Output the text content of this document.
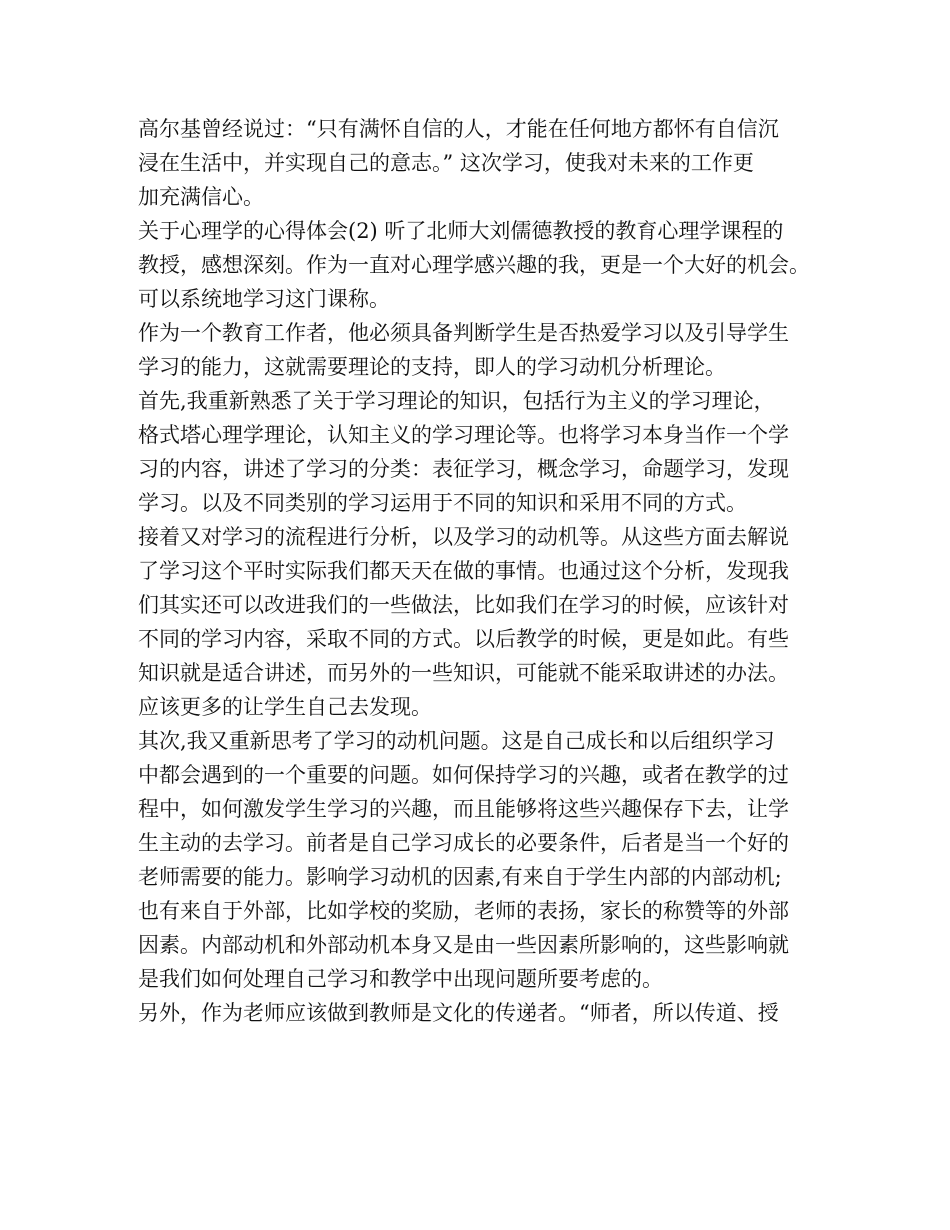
高尔基曾经说过：“只有满怀自信的人，才能在任何地方都怀有自信沉
浸在生活中，并实现自己的意志。” 这次学习，使我对未来的工作更
加充满信心。
关于心理学的心得体会(2) 听了北师大刘儒德教授的教育心理学课程的
教授，感想深刻。作为一直对心理学感兴趣的我，更是一个大好的机会。
可以系统地学习这门课称。
作为一个教育工作者，他必须具备判断学生是否热爱学习以及引导学生
学习的能力，这就需要理论的支持，即人的学习动机分析理论。
首先,我重新熟悉了关于学习理论的知识，包括行为主义的学习理论，
格式塔心理学理论，认知主义的学习理论等。也将学习本身当作一个学
习的内容，讲述了学习的分类：表征学习，概念学习，命题学习，发现
学习。以及不同类别的学习运用于不同的知识和采用不同的方式。
接着又对学习的流程进行分析，以及学习的动机等。从这些方面去解说
了学习这个平时实际我们都天天在做的事情。也通过这个分析，发现我
们其实还可以改进我们的一些做法，比如我们在学习的时候，应该针对
不同的学习内容，采取不同的方式。以后教学的时候，更是如此。有些
知识就是适合讲述，而另外的一些知识，可能就不能采取讲述的办法。
应该更多的让学生自己去发现。
其次,我又重新思考了学习的动机问题。这是自己成长和以后组织学习
中都会遇到的一个重要的问题。如何保持学习的兴趣，或者在教学的过
程中，如何激发学生学习的兴趣，而且能够将这些兴趣保存下去，让学
生主动的去学习。前者是自己学习成长的必要条件，后者是当一个好的
老师需要的能力。影响学习动机的因素,有来自于学生内部的内部动机;
也有来自于外部，比如学校的奖励，老师的表扬，家长的称赞等的外部
因素。内部动机和外部动机本身又是由一些因素所影响的，这些影响就
是我们如何处理自己学习和教学中出现问题所要考虑的。
另外，作为老师应该做到教师是文化的传递者。“师者，所以传道、授
